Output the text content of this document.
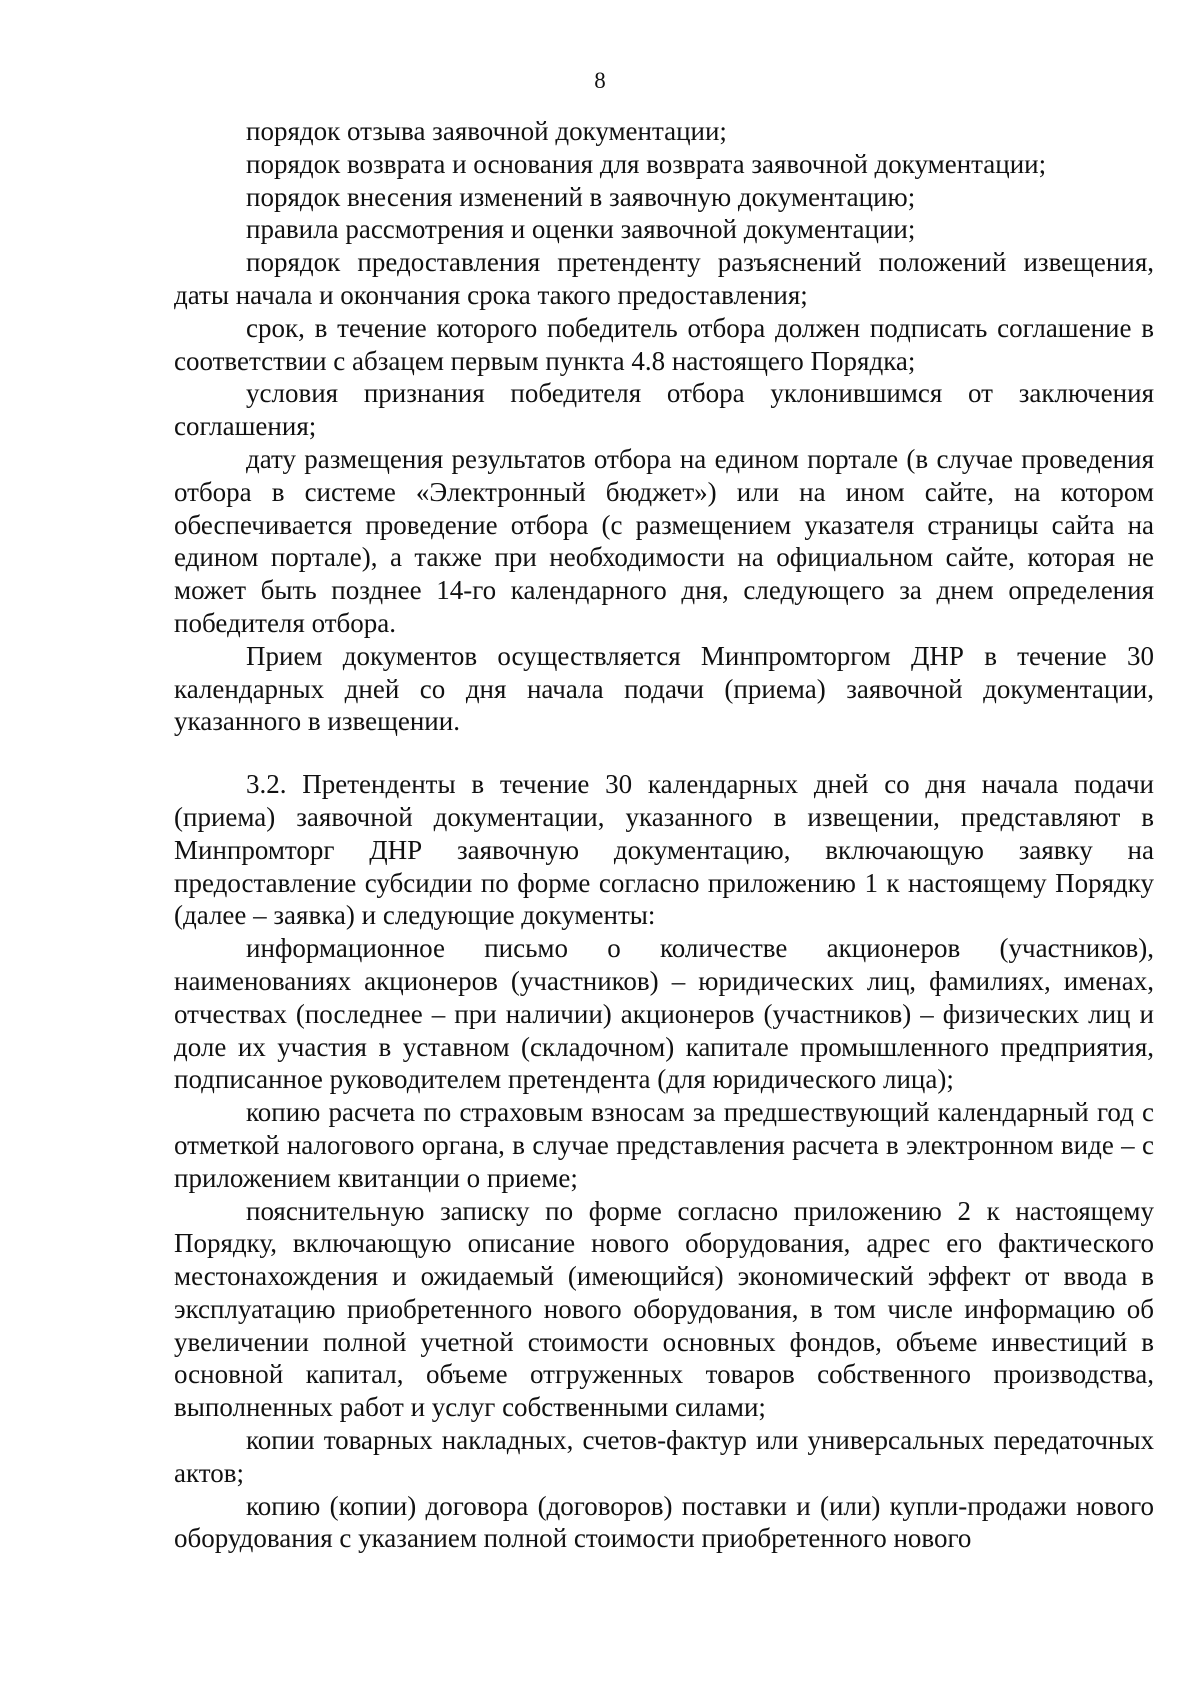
8

порядок отзыва заявочной документации;

порядок возврата и основания для возврата заявочной документации;

порядок внесения изменений в заявочную документацию;

правила рассмотрения и оценки заявочной документации;

порядок предоставления претенденту разъяснений положений извещения, даты начала и окончания срока такого предоставления;

срок, в течение которого победитель отбора должен подписать соглашение в соответствии с абзацем первым пункта 4.8 настоящего Порядка;

условия признания победителя отбора уклонившимся от заключения соглашения;

дату размещения результатов отбора на едином портале (в случае проведения отбора в системе «Электронный бюджет») или на ином сайте, на котором обеспечивается проведение отбора (с размещением указателя страницы сайта на едином портале), а также при необходимости на официальном сайте, которая не может быть позднее 14-го календарного дня, следующего за днем определения победителя отбора.

Прием документов осуществляется Минпромторгом ДНР в течение 30 календарных дней со дня начала подачи (приема) заявочной документации, указанного в извещении.

3.2. Претенденты в течение 30 календарных дней со дня начала подачи (приема) заявочной документации, указанного в извещении, представляют в Минпромторг ДНР заявочную документацию, включающую заявку на предоставление субсидии по форме согласно приложению 1 к настоящему Порядку (далее – заявка) и следующие документы:

информационное письмо о количестве акционеров (участников), наименованиях акционеров (участников) – юридических лиц, фамилиях, именах, отчествах (последнее – при наличии) акционеров (участников) – физических лиц и доле их участия в уставном (складочном) капитале промышленного предприятия, подписанное руководителем претендента (для юридического лица);

копию расчета по страховым взносам за предшествующий календарный год с отметкой налогового органа, в случае представления расчета в электронном виде – с приложением квитанции о приеме;

пояснительную записку по форме согласно приложению 2 к настоящему Порядку, включающую описание нового оборудования, адрес его фактического местонахождения и ожидаемый (имеющийся) экономический эффект от ввода в эксплуатацию приобретенного нового оборудования, в том числе информацию об увеличении полной учетной стоимости основных фондов, объеме инвестиций в основной капитал, объеме отгруженных товаров собственного производства, выполненных работ и услуг собственными силами;

копии товарных накладных, счетов-фактур или универсальных передаточных актов;

копию (копии) договора (договоров) поставки и (или) купли-продажи нового оборудования с указанием полной стоимости приобретенного нового
